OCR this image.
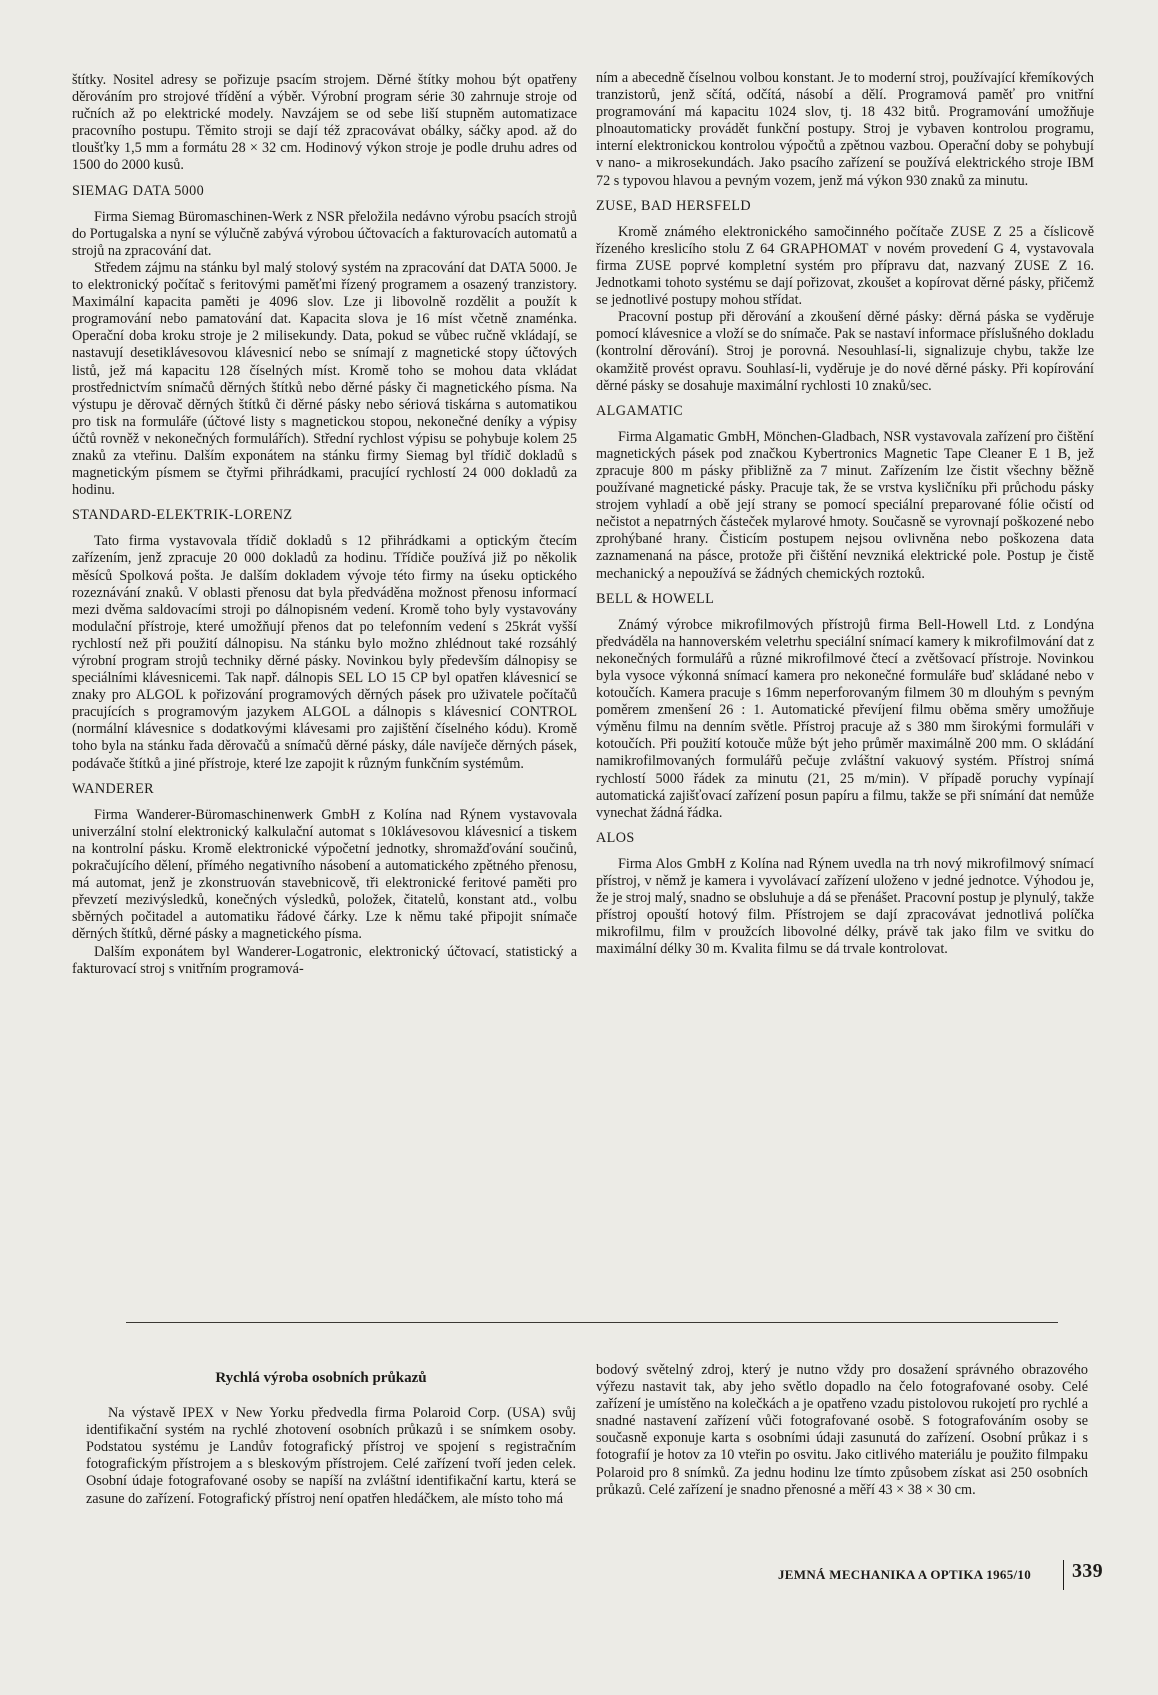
štítky. Nositel adresy se pořizuje psacím strojem. Děrné štítky mohou být opatřeny děrováním pro strojové třídění a výběr. Výrobní program série 30 zahrnuje stroje od ručních až po elektrické modely. Navzájem se od sebe liší stupněm automatizace pracovního postupu. Těmito stroji se dají též zpracovávat obálky, sáčky apod. až do tloušťky 1,5 mm a formátu 28 × 32 cm. Hodinový výkon stroje je podle druhu adres od 1500 do 2000 kusů.

SIEMAG DATA 5000

Firma Siemag Büromaschinen-Werk z NSR přeložila nedávno výrobu psacích strojů do Portugalska a nyní se výlučně zabývá výrobou účtovacích a fakturovacích automatů a strojů na zpracování dat.

Středem zájmu na stánku byl malý stolový systém na zpracování dat DATA 5000. Je to elektronický počítač s feritovými paměťmi řízený programem a osazený tranzistory. Maximální kapacita paměti je 4096 slov. Lze ji libovolně rozdělit a použít k programování nebo pamatování dat. Kapacita slova je 16 míst včetně znaménka. Operační doba kroku stroje je 2 milisekundy. Data, pokud se vůbec ručně vkládají, se nastavují desetiklávesovou klávesnicí nebo se snímají z magnetické stopy účtových listů, jež má kapacitu 128 číselných míst. Kromě toho se mohou data vkládat prostřednictvím snímačů děrných štítků nebo děrné pásky či magnetického písma. Na výstupu je děrovač děrných štítků či děrné pásky nebo sériová tiskárna s automatikou pro tisk na formuláře (účtové listy s magnetickou stopou, nekonečné deníky a výpisy účtů rovněž v nekonečných formulářích). Střední rychlost výpisu se pohybuje kolem 25 znaků za vteřinu. Dalším exponátem na stánku firmy Siemag byl třídič dokladů s magnetickým písmem se čtyřmi přihrádkami, pracující rychlostí 24 000 dokladů za hodinu.

STANDARD-ELEKTRIK-LORENZ

Tato firma vystavovala třídič dokladů s 12 přihrádkami a optickým čtecím zařízením, jenž zpracuje 20 000 dokladů za hodinu. Třídiče používá již po několik měsíců Spolková pošta. Je dalším dokladem vývoje této firmy na úseku optického rozeznávání znaků. V oblasti přenosu dat byla předváděna možnost přenosu informací mezi dvěma saldovacími stroji po dálnopisném vedení. Kromě toho byly vystavovány modulační přístroje, které umožňují přenos dat po telefonním vedení s 25krát vyšší rychlostí než při použití dálnopisu. Na stánku bylo možno zhlédnout také rozsáhlý výrobní program strojů techniky děrné pásky. Novinkou byly především dálnopisy se speciálními klávesnicemi. Tak např. dálnopis SEL LO 15 CP byl opatřen klávesnicí se znaky pro ALGOL k pořizování programových děrných pásek pro uživatele počítačů pracujících s programovým jazykem ALGOL a dálnopis s klávesnicí CONTROL (normální klávesnice s dodatkovými klávesami pro zajištění číselného kódu). Kromě toho byla na stánku řada děrovačů a snímačů děrné pásky, dále navíječe děrných pásek, podávače štítků a jiné přístroje, které lze zapojit k různým funkčním systémům.

WANDERER

Firma Wanderer-Büromaschinenwerk GmbH z Kolína nad Rýnem vystavovala univerzální stolní elektronický kalkulační automat s 10klávesovou klávesnicí a tiskem na kontrolní pásku. Kromě elektronické výpočetní jednotky, shromažďování součinů, pokračujícího dělení, přímého negativního násobení a automatického zpětného přenosu, má automat, jenž je zkonstruován stavebnicově, tři elektronické feritové paměti pro převzetí mezivýsledků, konečných výsledků, položek, čitatelů, konstant atd., volbu sběrných počitadel a automatiku řádové čárky. Lze k němu také připojit snímače děrných štítků, děrné pásky a magnetického písma.

Dalším exponátem byl Wanderer-Logatronic, elektronický účtovací, statistický a fakturovací stroj s vnitřním programová-

ním a abecedně číselnou volbou konstant. Je to moderní stroj, používající křemíkových tranzistorů, jenž sčítá, odčítá, násobí a dělí. Programová paměť pro vnitřní programování má kapacitu 1024 slov, tj. 18 432 bitů. Programování umožňuje plnoautomaticky provádět funkční postupy. Stroj je vybaven kontrolou programu, interní elektronickou kontrolou výpočtů a zpětnou vazbou. Operační doby se pohybují v nano- a mikrosekundách. Jako psacího zařízení se používá elektrického stroje IBM 72 s typovou hlavou a pevným vozem, jenž má výkon 930 znaků za minutu.

ZUSE, BAD HERSFELD

Kromě známého elektronického samočinného počítače ZUSE Z 25 a číslicově řízeného kreslicího stolu Z 64 GRAPHOMAT v novém provedení G 4, vystavovala firma ZUSE poprvé kompletní systém pro přípravu dat, nazvaný ZUSE Z 16. Jednotkami tohoto systému se dají pořizovat, zkoušet a kopírovat děrné pásky, přičemž se jednotlivé postupy mohou střídat.

Pracovní postup při děrování a zkoušení děrné pásky: děrná páska se vyděruje pomocí klávesnice a vloží se do snímače. Pak se nastaví informace příslušného dokladu (kontrolní děrování). Stroj je porovná. Nesouhlasí-li, signalizuje chybu, takže lze okamžitě provést opravu. Souhlasí-li, vyděruje je do nové děrné pásky. Při kopírování děrné pásky se dosahuje maximální rychlosti 10 znaků/sec.

ALGAMATIC

Firma Algamatic GmbH, Mönchen-Gladbach, NSR vystavovala zařízení pro čištění magnetických pásek pod značkou Kybertronics Magnetic Tape Cleaner E 1 B, jež zpracuje 800 m pásky přibližně za 7 minut. Zařízením lze čistit všechny běžně používané magnetické pásky. Pracuje tak, že se vrstva kysličníku při průchodu pásky strojem vyhladí a obě její strany se pomocí speciální preparované fólie očistí od nečistot a nepatrných částeček mylarové hmoty. Současně se vyrovnají poškozené nebo zprohýbané hrany. Čisticím postupem nejsou ovlivněna nebo poškozena data zaznamenaná na pásce, protože při čištění nevzniká elektrické pole. Postup je čistě mechanický a nepoužívá se žádných chemických roztoků.

BELL & HOWELL

Známý výrobce mikrofilmových přístrojů firma Bell-Howell Ltd. z Londýna předváděla na hannoverském veletrhu speciální snímací kamery k mikrofilmování dat z nekonečných formulářů a různé mikrofilmové čtecí a zvětšovací přístroje. Novinkou byla vysoce výkonná snímací kamera pro nekonečné formuláře buď skládané nebo v kotoučích. Kamera pracuje s 16mm neperforovaným filmem 30 m dlouhým s pevným poměrem zmenšení 26 : 1. Automatické převíjení filmu oběma směry umožňuje výměnu filmu na denním světle. Přístroj pracuje až s 380 mm širokými formuláři v kotoučích. Při použití kotouče může být jeho průměr maximálně 200 mm. O skládání namikrofilmovaných formulářů pečuje zvláštní vakuový systém. Přístroj snímá rychlostí 5000 řádek za minutu (21, 25 m/min). V případě poruchy vypínají automatická zajišťovací zařízení posun papíru a filmu, takže se při snímání dat nemůže vynechat žádná řádka.

ALOS

Firma Alos GmbH z Kolína nad Rýnem uvedla na trh nový mikrofilmový snímací přístroj, v němž je kamera i vyvolávací zařízení uloženo v jedné jednotce. Výhodou je, že je stroj malý, snadno se obsluhuje a dá se přenášet. Pracovní postup je plynulý, takže přístroj opouští hotový film. Přístrojem se dají zpracovávat jednotlivá políčka mikrofilmu, film v proužcích libovolné délky, právě tak jako film ve svitku do maximální délky 30 m. Kvalita filmu se dá trvale kontrolovat.

Rychlá výroba osobních průkazů

Na výstavě IPEX v New Yorku předvedla firma Polaroid Corp. (USA) svůj identifikační systém na rychlé zhotovení osobních průkazů i se snímkem osoby. Podstatou systému je Landův fotografický přístroj ve spojení s registračním fotografickým přístrojem a s bleskovým přístrojem. Celé zařízení tvoří jeden celek. Osobní údaje fotografované osoby se napíší na zvláštní identifikační kartu, která se zasune do zařízení. Fotografický přístroj není opatřen hledáčkem, ale místo toho má

bodový světelný zdroj, který je nutno vždy pro dosažení správného obrazového výřezu nastavit tak, aby jeho světlo dopadlo na čelo fotografované osoby. Celé zařízení je umístěno na kolečkách a je opatřeno vzadu pistolovou rukojetí pro rychlé a snadné nastavení zařízení vůči fotografované osobě. S fotografováním osoby se současně exponuje karta s osobními údaji zasunutá do zařízení. Osobní průkaz i s fotografií je hotov za 10 vteřin po osvitu. Jako citlivého materiálu je použito filmpaku Polaroid pro 8 snímků. Za jednu hodinu lze tímto způsobem získat asi 250 osobních průkazů. Celé zařízení je snadno přenosné a měří 43 × 38 × 30 cm.

JEMNÁ MECHANIKA A OPTIKA 1965/10 339
